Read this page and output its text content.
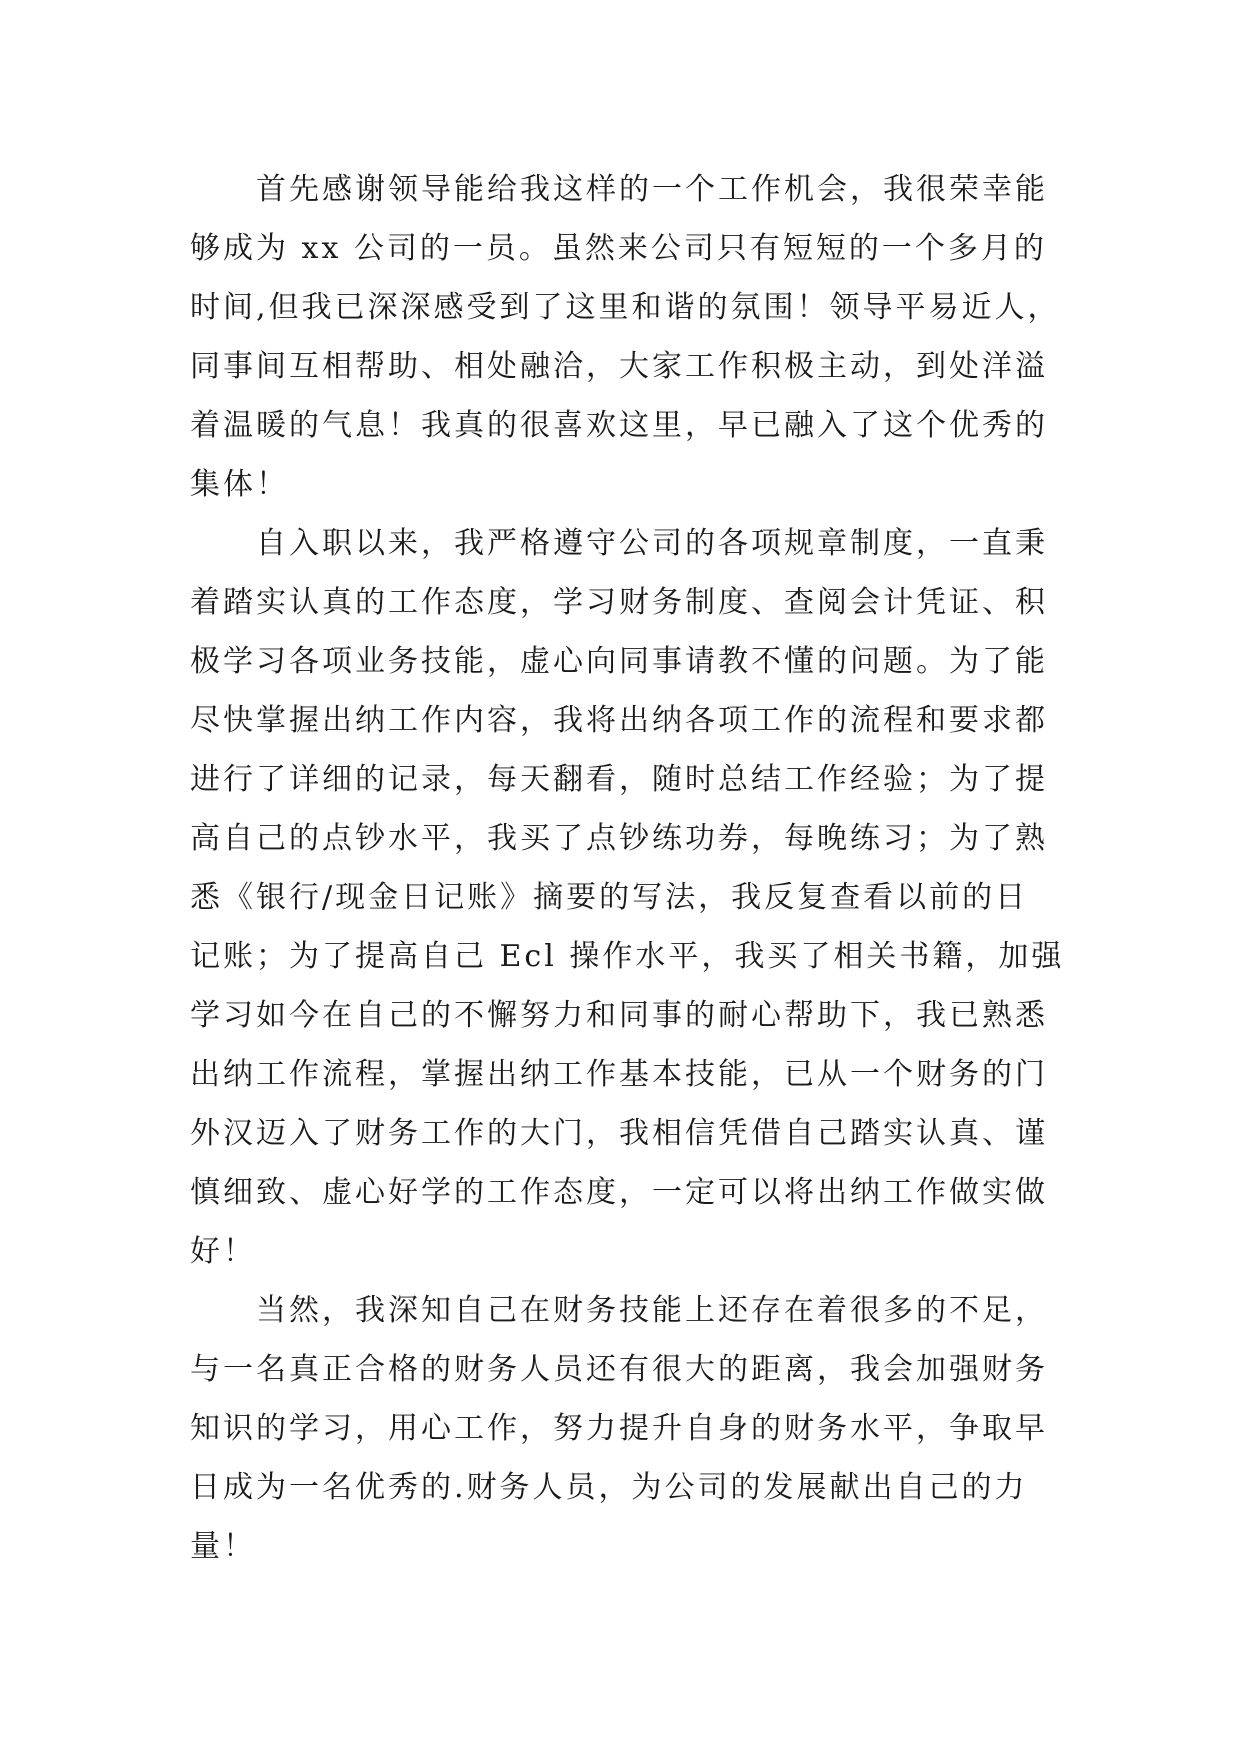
首先感谢领导能给我这样的一个工作机会，我很荣幸能
够成为 xx 公司的一员。虽然来公司只有短短的一个多月的
时间,但我已深深感受到了这里和谐的氛围！领导平易近人，
同事间互相帮助、相处融洽，大家工作积极主动，到处洋溢
着温暖的气息！我真的很喜欢这里，早已融入了这个优秀的
集体！

自入职以来，我严格遵守公司的各项规章制度，一直秉
着踏实认真的工作态度，学习财务制度、查阅会计凭证、积
极学习各项业务技能，虚心向同事请教不懂的问题。为了能
尽快掌握出纳工作内容，我将出纳各项工作的流程和要求都
进行了详细的记录，每天翻看，随时总结工作经验；为了提
高自己的点钞水平，我买了点钞练功券，每晚练习；为了熟
悉《银行/现金日记账》摘要的写法，我反复查看以前的日
记账；为了提高自己 Ecl 操作水平，我买了相关书籍，加强
学习如今在自己的不懈努力和同事的耐心帮助下，我已熟悉
出纳工作流程，掌握出纳工作基本技能，已从一个财务的门
外汉迈入了财务工作的大门，我相信凭借自己踏实认真、谨
慎细致、虚心好学的工作态度，一定可以将出纳工作做实做
好！

当然，我深知自己在财务技能上还存在着很多的不足，
与一名真正合格的财务人员还有很大的距离，我会加强财务
知识的学习，用心工作，努力提升自身的财务水平，争取早
日成为一名优秀的.财务人员，为公司的发展献出自己的力
量！
